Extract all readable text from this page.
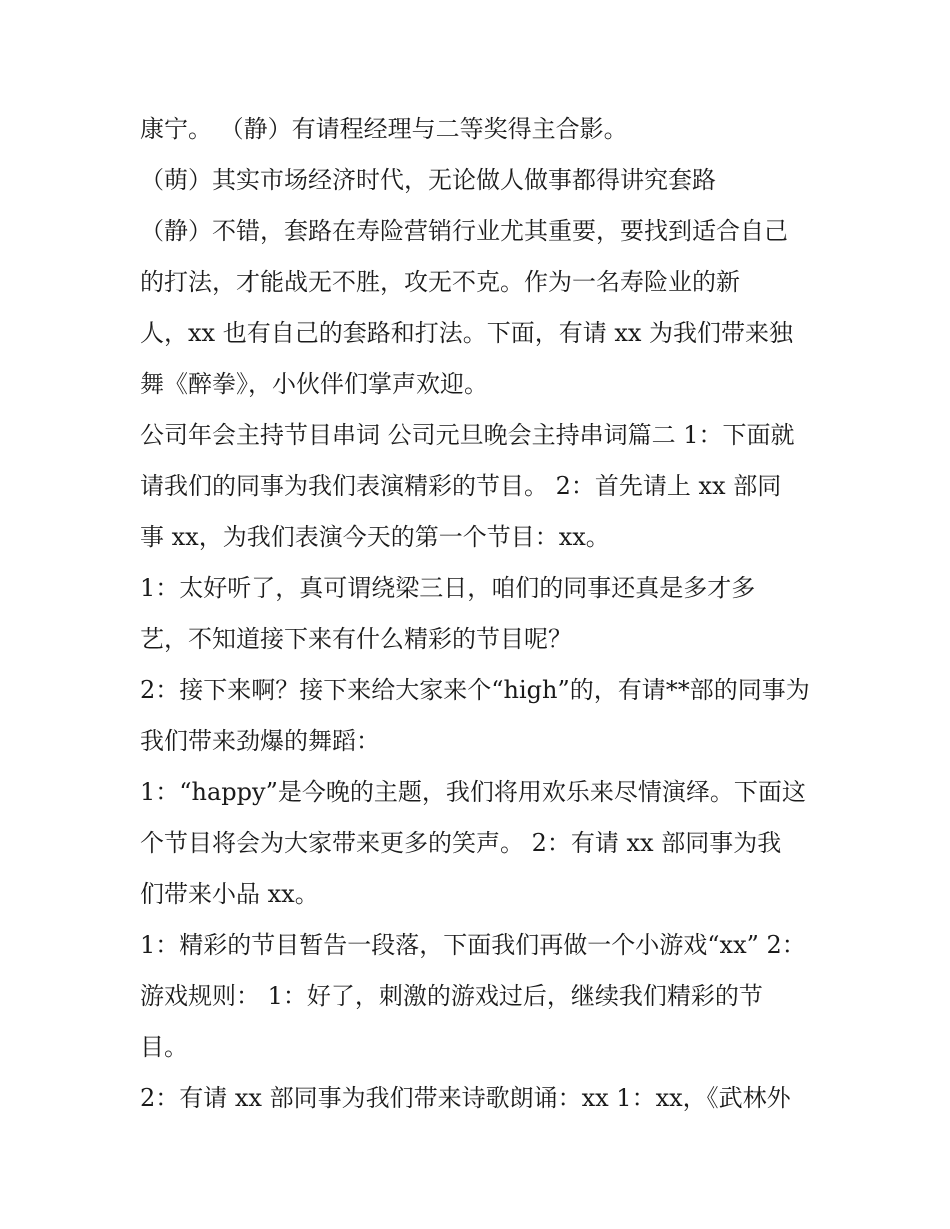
康宁。 （静）有请程经理与二等奖得主合影。
（萌）其实市场经济时代，无论做人做事都得讲究套路
（静）不错，套路在寿险营销行业尤其重要，要找到适合自己
的打法，才能战无不胜，攻无不克。作为一名寿险业的新
人，xx 也有自己的套路和打法。下面，有请 xx 为我们带来独
舞《醉拳》，小伙伴们掌声欢迎。
公司年会主持节目串词 公司元旦晚会主持串词篇二 1：下面就
请我们的同事为我们表演精彩的节目。 2：首先请上 xx 部同
事 xx，为我们表演今天的第一个节目：xx。
1：太好听了，真可谓绕梁三日，咱们的同事还真是多才多
艺，不知道接下来有什么精彩的节目呢？
2：接下来啊？接下来给大家来个“high”的，有请**部的同事为
我们带来劲爆的舞蹈：
1：“happy”是今晚的主题，我们将用欢乐来尽情演绎。下面这
个节目将会为大家带来更多的笑声。 2：有请 xx 部同事为我
们带来小品 xx。
1：精彩的节目暂告一段落，下面我们再做一个小游戏“xx” 2：
游戏规则： 1：好了，刺激的游戏过后，继续我们精彩的节
目。
2：有请 xx 部同事为我们带来诗歌朗诵：xx 1：xx，《武林外
